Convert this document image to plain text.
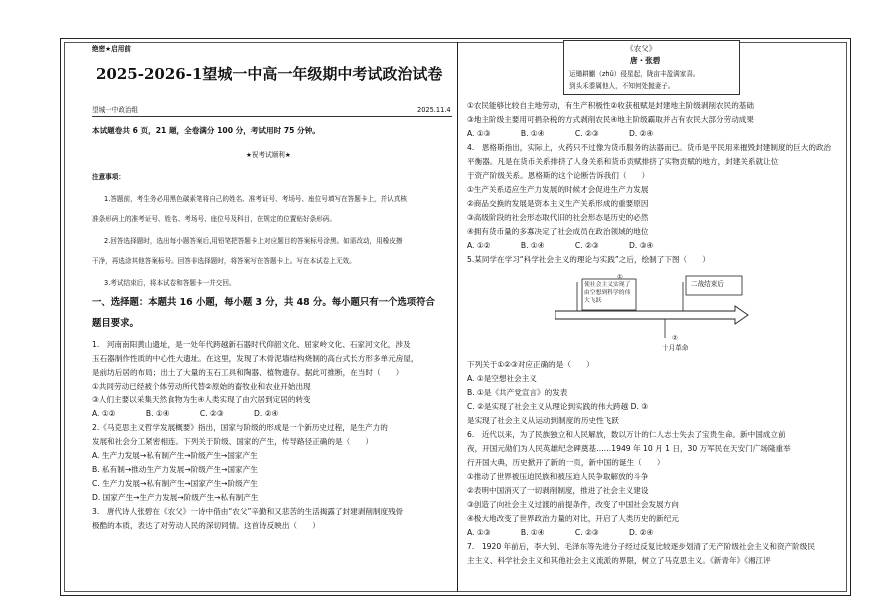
绝密★启用前
2025-2026-1望城一中高一年级期中考试政治试卷
望城一中政治组	2025.11.4
本试题卷共 6 页，21 题，全卷满分 100 分，考试用时 75 分钟。
★祝考试顺利★
注意事项：
1.答题前，考生务必用黑色碳素笔将自己的姓名、准考证号、考场号、座位号填写在答题卡上，并认真核
准条形码上的准考证号、姓名、考场号、座位号及科目，在规定的位置贴好条形码。
2.回答选择题时，选出每小题答案后,用铅笔把答题卡上对应题目的答案标号涂黑。如需改动，用橡皮擦
干净，再选涂其他答案标号。回答非选择题时，将答案写在答题卡上。写在本试卷上无效。
3.考试结束后，将本试卷和答题卡一并交回。
一、选择题：本题共 16 小题，每小题 3 分，共 48 分。每小题只有一个选项符合
题目要求。
1.　河南南阳黄山遗址，是一处年代跨越新石器时代仰韶文化、屈家岭文化、石家河文化，涉及
玉石器制作性质的中心性大遗址。在这里，发现了木骨泥墙结构烧制的高台式长方形多单元房屋，
是前坊后居的布局；出土了大量的玉石工具和陶器、植物遗存。据此可推断，在当时（　　）
①共同劳动已经被个体劳动所代替②原始的畜牧业和农业开始出现
③人们主要以采集天然食物为生④人类实现了由穴居到定居的转变
A. ①②　　　　B. ①④　　　　C. ②③　　　　D. ②④
2.《马克思主义哲学发展概要》指出，国家与阶级的形成是一个新历史过程，是生产力的
发展和社会分工紧密相连。下列关于阶级、国家的产生，传导路径正确的是（　　）
A. 生产力发展→私有制产生→阶级产生→国家产生
B. 私有制→推动生产力发展→阶级产生→国家产生
C. 生产力发展→私有制产生→国家产生→阶级产生
D. 国家产生→生产力发展→阶级产生→私有制产生
3.　唐代诗人张碧在《农父》一诗中借由“农父”辛勤和又悲苦的生活揭露了封建剥削制度残骨
极酷的本质，表达了对劳动人民的深切同情。这首诗反映出（　　）
《农父》
唐・张碧
运锄耕劚（zhǔ）侵星起，陇亩丰盈满家喜。
到头禾黍属他人，不知何处抛妻子。
①农民能够比较自主地劳动，有生产积极性②收获租赋是封建地主阶级剥削农民的基础
③地主阶级主要用可捐杂税的方式剥削农民④地主阶级霸取并占有农民大部分劳动成果
A. ①③　　　　B. ①④　　　　C. ②③　　　　D. ②④
4.　恩格斯指出，实际上，火药只不过像为货币服务的法器而已。货币是平民用来摧毁封建制度的巨大的政治
平衡器。凡是在货币关系排挤了人身关系和货币贡赋排挤了实物贡赋的地方，封建关系就让位
于资产阶级关系。恩格斯的这个论断告诉我们（　　）
①生产关系适应生产力发展的时候才会促进生产力发展
②商品交换的发展是资本主义生产关系形成的重要原因
③高级阶段的社会形态取代旧的社会形态是历史的必然
④拥有货币量的多寡决定了社会成员在政治领域的地位
A. ①②　　　　B. ①④　　　　C. ②③　　　　D. ③④
5.某同学在学习“科学社会主义的理论与实践”之后，绘制了下图（　　）
①
使社会主义实现了
由空想到科学的伟
大飞跃
二战结束后
②
十月革命
下列关于①②③对应正确的是（　　）
A. ①是空想社会主义
B. ①是《共产党宣言》的发表
C. ②是实现了社会主义从理论到实践的伟大跨越 D. ③
是实现了社会主义从运动到制度的历史性飞跃
6.　近代以来，为了民族独立和人民解放，数以万计的仁人志士失去了宝贵生命。新中国成立前
夜，开国元勋们为人民英雄纪念碑奠基……1949 年 10 月 1 日，30 万军民在天安门广场隆重举
行开国大典，历史掀开了新的一页，新中国的诞生（　　）
①推动了世界被压迫民族和被压迫人民争取解放的斗争
②表明中国消灭了一切剥削制度，推进了社会主义建设
③创造了向社会主义过渡的前提条件，改变了中国社会发展方向
④极大地改变了世界政治力量的对比，开启了人类历史的新纪元
A. ①③　　　　B. ①④　　　　C. ②③　　　　D. ②④
7.　1920 年前后，李大钊、毛泽东等先进分子经过反复比较逐步划清了无产阶级社会主义和资产阶级民
主主义、科学社会主义和其他社会主义流派的界限，树立了马克思主义。《新青年》《湘江评
